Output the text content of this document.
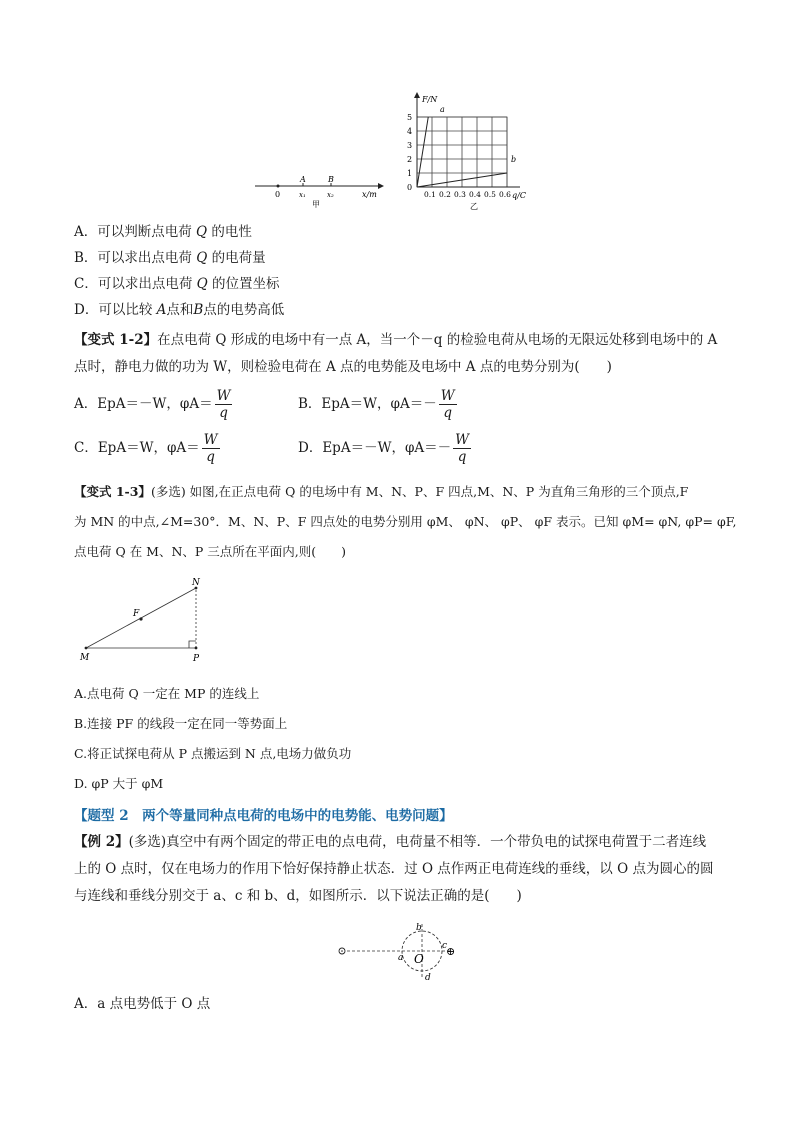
0
A	B
x₁	x₂	x/m
甲
F/N
5
4
3
2
1
0
0.1 0.2 0.3 0.4 0.5 0.6 q/C
乙
a
b
A．可以判断点电荷 Q 的电性
B．可以求出点电荷 Q 的电荷量
C．可以求出点电荷 Q 的位置坐标
D．可以比较 A点和B点的电势高低
【变式 1-2】在点电荷 Q 形成的电场中有一点 A，当一个－q 的检验电荷从电场的无限远处移到电场中的 A
点时，静电力做的功为 W，则检验电荷在 A 点的电势能及电场中 A 点的电势分别为(　　)
A．EpA＝－W，$\varphi A= \frac{W}{q}$	B．EpA＝W，$\varphi A=- \frac{W}{q}$
C．EpA＝W，$\varphi A= \frac{W}{q}$	D．EpA＝－W，$\varphi A=- \frac{W}{q}$
【变式 1-3】(多选) 如图,在正点电荷 Q 的电场中有 M、N、P、F 四点,M、N、P 为直角三角形的三个顶点,F
为 MN 的中点,∠M=30°．M、N、P、F 四点处的电势分别用 φM、 φN、 φP、 φF 表示。已知 φM= φN, φP= φF,
点电荷 Q 在 M、N、P 三点所在平面内,则(　　)
N
F
M	P
A.点电荷 Q 一定在 MP 的连线上
B.连接 PF 的线段一定在同一等势面上
C.将正试探电荷从 P 点搬运到 N 点,电场力做负功
D. φP 大于 φM
【题型 2　两个等量同种点电荷的电场中的电势能、电势问题】
【例 2】(多选)真空中有两个固定的带正电的点电荷，电荷量不相等．一个带负电的试探电荷置于二者连线
上的 O 点时，仅在电场力的作用下恰好保持静止状态．过 O 点作两正电荷连线的垂线，以 O 点为圆心的圆
与连线和垂线分别交于 a、c 和 b、d，如图所示．以下说法正确的是(　　)
⊕
a
b
c
d
O
A．a 点电势低于 O 点
